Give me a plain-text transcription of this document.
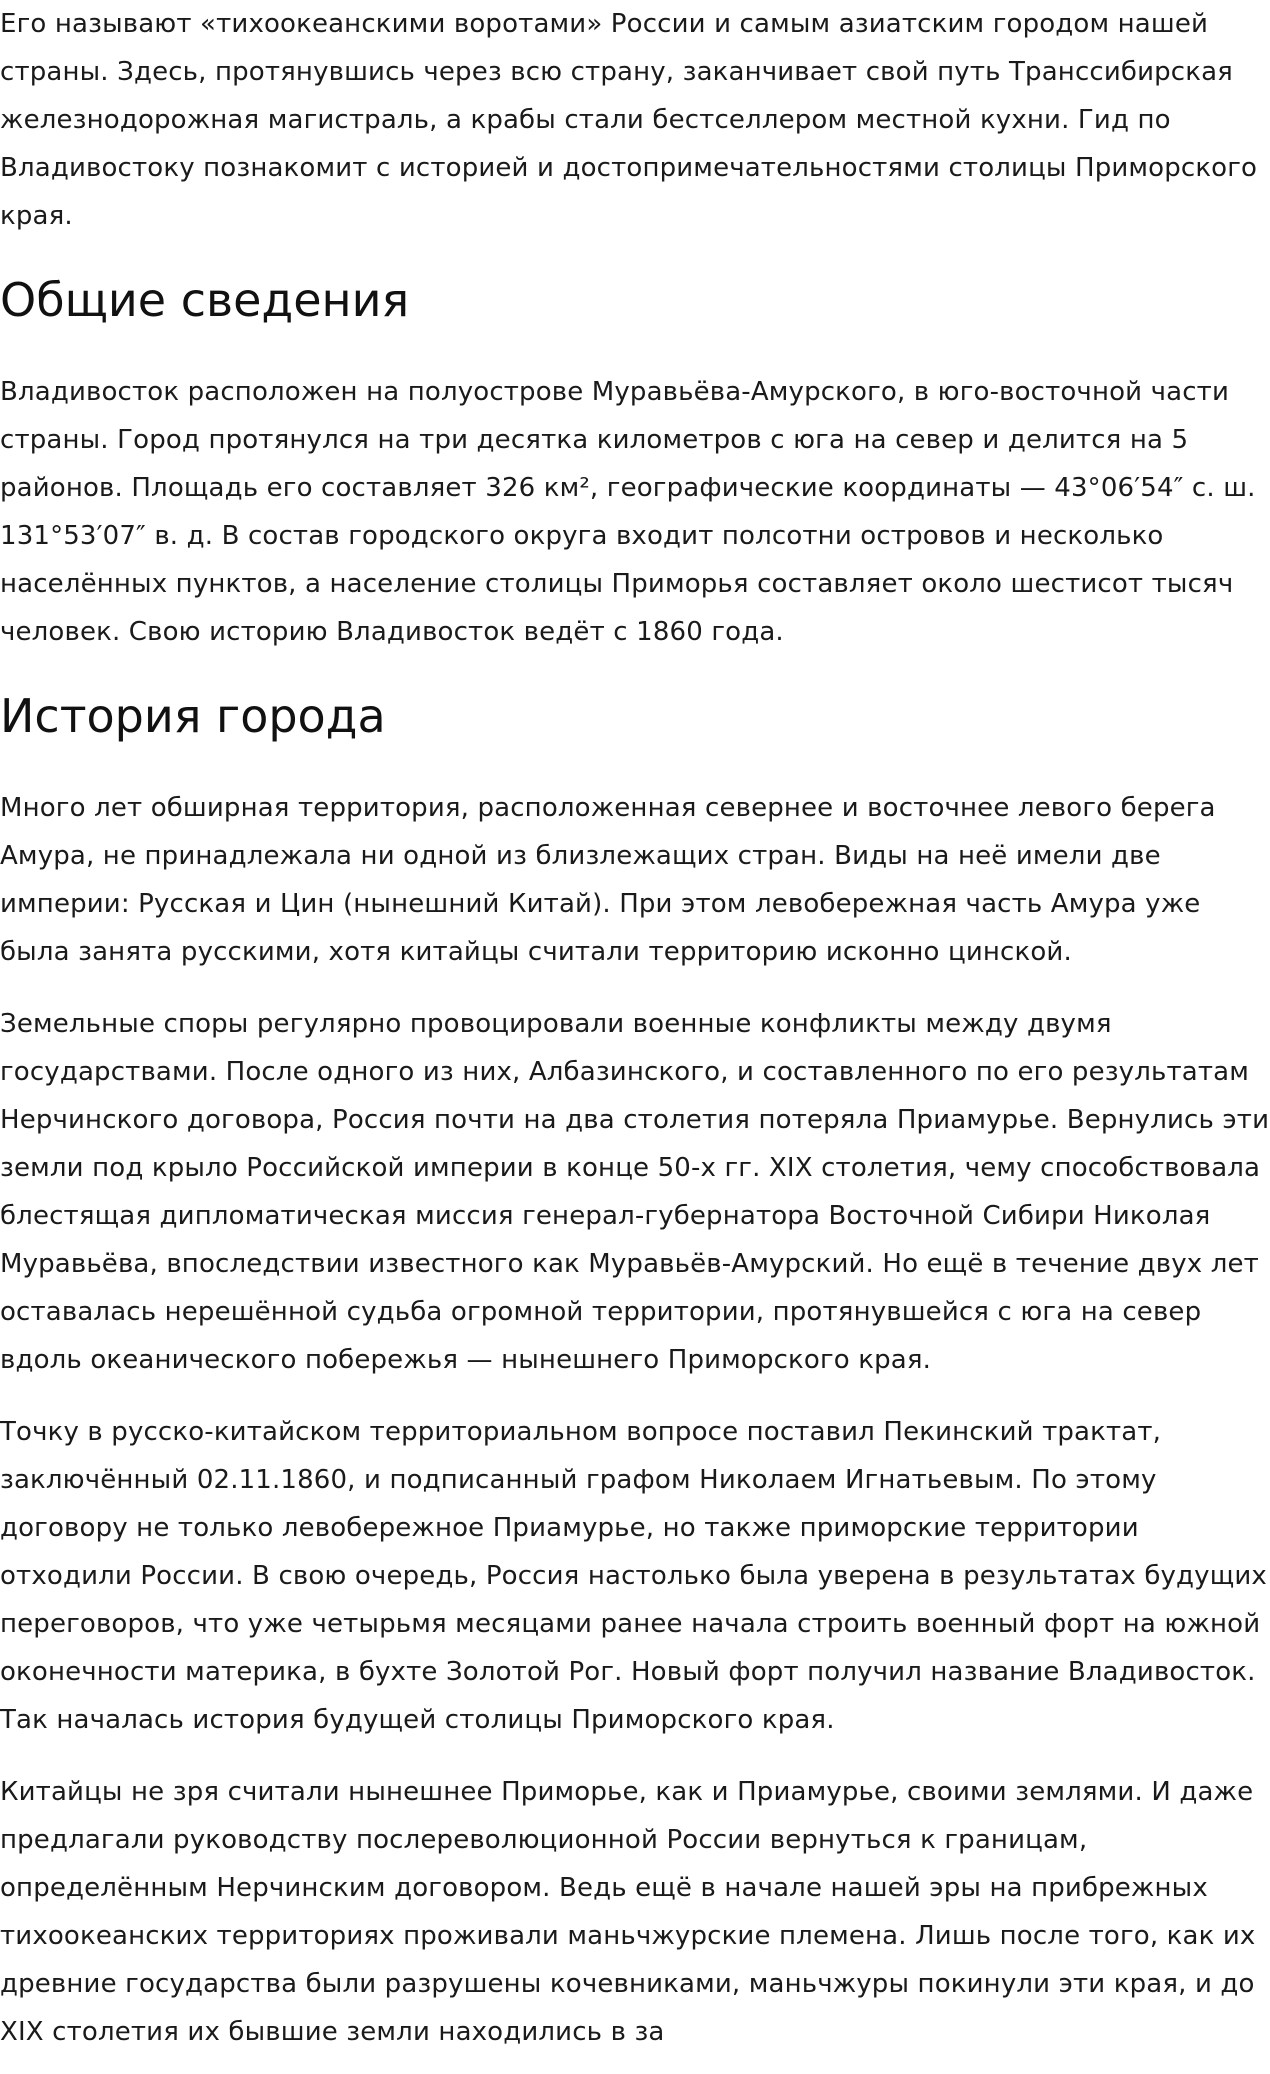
Его называют «тихоокеанскими воротами» России и самым азиатским городом нашей страны. Здесь, протянувшись через всю страну, заканчивает свой путь Транссибирская железнодорожная магистраль, а крабы стали бестселлером местной кухни. Гид по Владивостоку познакомит с историей и достопримечательностями столицы Приморского края.

Общие сведения

Владивосток расположен на полуострове Муравьёва-Амурского, в юго-восточной части страны. Город протянулся на три десятка километров с юга на север и делится на 5 районов. Площадь его составляет 326 км², географические координаты — 43°06′54″ с. ш. 131°53′07″ в. д. В состав городского округа входит полсотни островов и несколько населённых пунктов, а население столицы Приморья составляет около шестисот тысяч человек. Свою историю Владивосток ведёт с 1860 года.

История города

Много лет обширная территория, расположенная севернее и восточнее левого берега Амура, не принадлежала ни одной из близлежащих стран. Виды на неё имели две империи: Русская и Цин (нынешний Китай). При этом левобережная часть Амура уже была занята русскими, хотя китайцы считали территорию исконно цинской.

Земельные споры регулярно провоцировали военные конфликты между двумя государствами. После одного из них, Албазинского, и составленного по его результатам Нерчинского договора, Россия почти на два столетия потеряла Приамурье. Вернулись эти земли под крыло Российской империи в конце 50-х гг. XIX столетия, чему способствовала блестящая дипломатическая миссия генерал-губернатора Восточной Сибири Николая Муравьёва, впоследствии известного как Муравьёв-Амурский. Но ещё в течение двух лет оставалась нерешённой судьба огромной территории, протянувшейся с юга на север вдоль океанического побережья — нынешнего Приморского края.

Точку в русско-китайском территориальном вопросе поставил Пекинский трактат, заключённый 02.11.1860, и подписанный графом Николаем Игнатьевым. По этому договору не только левобережное Приамурье, но также приморские территории отходили России. В свою очередь, Россия настолько была уверена в результатах будущих переговоров, что уже четырьмя месяцами ранее начала строить военный форт на южной оконечности материка, в бухте Золотой Рог. Новый форт получил название Владивосток. Так началась история будущей столицы Приморского края.

Китайцы не зря считали нынешнее Приморье, как и Приамурье, своими землями. И даже предлагали руководству послереволюционной России вернуться к границам, определённым Нерчинским договором. Ведь ещё в начале нашей эры на прибрежных тихоокеанских территориях проживали маньчжурские племена. Лишь после того, как их древние государства были разрушены кочевниками, маньчжуры покинули эти края, и до XIX столетия их бывшие земли находились в за
